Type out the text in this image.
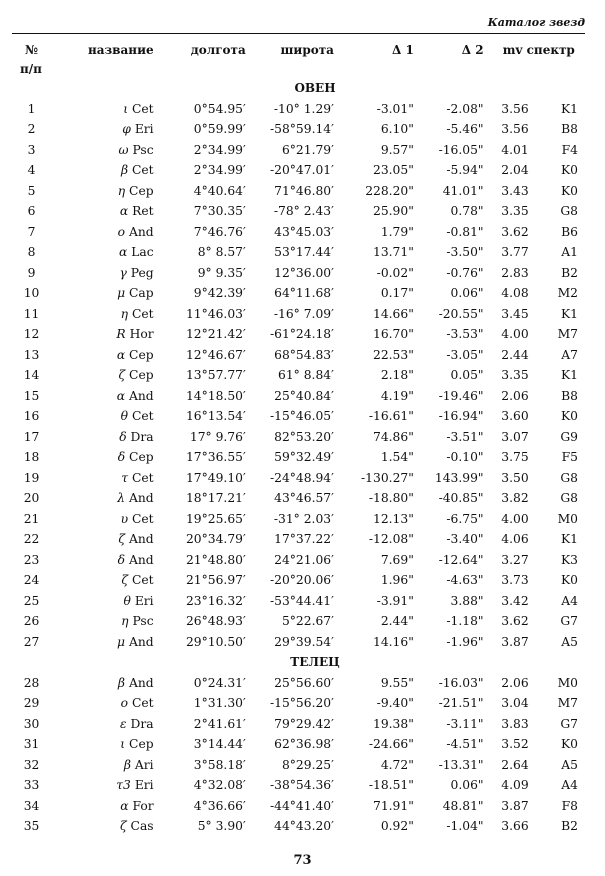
Каталог звезд
№	название	долгота	широта	Δ 1	Δ 2	mv спектр	
п/п							
ОВЕН							
1	ι Cet	0°54.95′	-10° 1.29′	-3.01"	-2.08"	3.56	K1
2	φ Eri	0°59.99′	-58°59.14′	6.10"	-5.46"	3.56	B8
3	ω Psc	2°34.99′	6°21.79′	9.57"	-16.05"	4.01	F4
4	β Cet	2°34.99′	-20°47.01′	23.05"	-5.94"	2.04	K0
5	η Cep	4°40.64′	71°46.80′	228.20"	41.01"	3.43	K0
6	α Ret	7°30.35′	-78° 2.43′	25.90"	0.78"	3.35	G8
7	ο And	7°46.76′	43°45.03′	1.79"	-0.81"	3.62	B6
8	α Lac	8° 8.57′	53°17.44′	13.71"	-3.50"	3.77	A1
9	γ Peg	9° 9.35′	12°36.00′	-0.02"	-0.76"	2.83	B2
10	μ Cap	9°42.39′	64°11.68′	0.17"	0.06"	4.08	M2
11	η Cet	11°46.03′	-16° 7.09′	14.66"	-20.55"	3.45	K1
12	R Hor	12°21.42′	-61°24.18′	16.70"	-3.53"	4.00	M7
13	α Cep	12°46.67′	68°54.83′	22.53"	-3.05"	2.44	A7
14	ζ Cep	13°57.77′	61° 8.84′	2.18"	0.05"	3.35	K1
15	α And	14°18.50′	25°40.84′	4.19"	-19.46"	2.06	B8
16	θ Cet	16°13.54′	-15°46.05′	-16.61"	-16.94"	3.60	K0
17	δ Dra	17° 9.76′	82°53.20′	74.86"	-3.51"	3.07	G9
18	δ Cep	17°36.55′	59°32.49′	1.54"	-0.10"	3.75	F5
19	τ Cet	17°49.10′	-24°48.94′	-130.27"	143.99"	3.50	G8
20	λ And	18°17.21′	43°46.57′	-18.80"	-40.85"	3.82	G8
21	υ Cet	19°25.65′	-31° 2.03′	12.13"	-6.75"	4.00	M0
22	ζ And	20°34.79′	17°37.22′	-12.08"	-3.40"	4.06	K1
23	δ And	21°48.80′	24°21.06′	7.69"	-12.64"	3.27	K3
24	ζ Cet	21°56.97′	-20°20.06′	1.96"	-4.63"	3.73	K0
25	θ Eri	23°16.32′	-53°44.41′	-3.91"	3.88"	3.42	A4
26	η Psc	26°48.93′	5°22.67′	2.44"	-1.18"	3.62	G7
27	μ And	29°10.50′	29°39.54′	14.16"	-1.96"	3.87	A5
ТЕЛЕЦ							
28	β And	0°24.31′	25°56.60′	9.55"	-16.03"	2.06	M0
29	ο Cet	1°31.30′	-15°56.20′	-9.40"	-21.51"	3.04	M7
30	ε Dra	2°41.61′	79°29.42′	19.38"	-3.11"	3.83	G7
31	ι Cep	3°14.44′	62°36.98′	-24.66"	-4.51"	3.52	K0
32	β Ari	3°58.18′	8°29.25′	4.72"	-13.31"	2.64	A5
33	τ3 Eri	4°32.08′	-38°54.36′	-18.51"	0.06"	4.09	A4
34	α For	4°36.66′	-44°41.40′	71.91"	48.81"	3.87	F8
35	ζ Cas	5° 3.90′	44°43.20′	0.92"	-1.04"	3.66	B2
73
